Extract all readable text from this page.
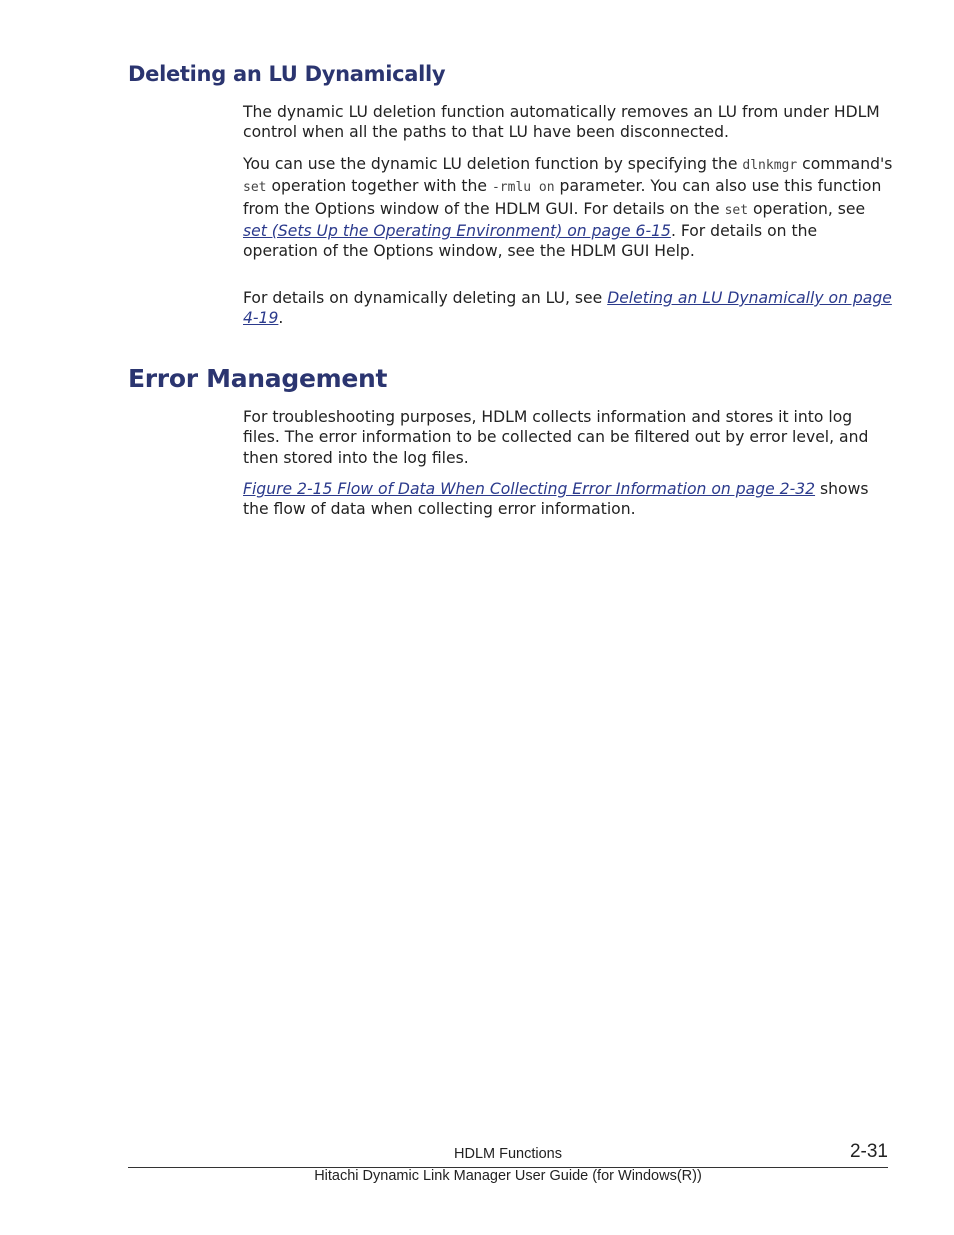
Deleting an LU Dynamically

The dynamic LU deletion function automatically removes an LU from under HDLM control when all the paths to that LU have been disconnected.

You can use the dynamic LU deletion function by specifying the dlnkmgr command's set operation together with the -rmlu on parameter. You can also use this function from the Options window of the HDLM GUI. For details on the set operation, see set (Sets Up the Operating Environment) on page 6-15. For details on the operation of the Options window, see the HDLM GUI Help.

For details on dynamically deleting an LU, see Deleting an LU Dynamically on page 4-19.

Error Management

For troubleshooting purposes, HDLM collects information and stores it into log files. The error information to be collected can be filtered out by error level, and then stored into the log files.

Figure 2-15 Flow of Data When Collecting Error Information on page 2-32 shows the flow of data when collecting error information.

HDLM Functions	2-31
Hitachi Dynamic Link Manager User Guide (for Windows(R))
